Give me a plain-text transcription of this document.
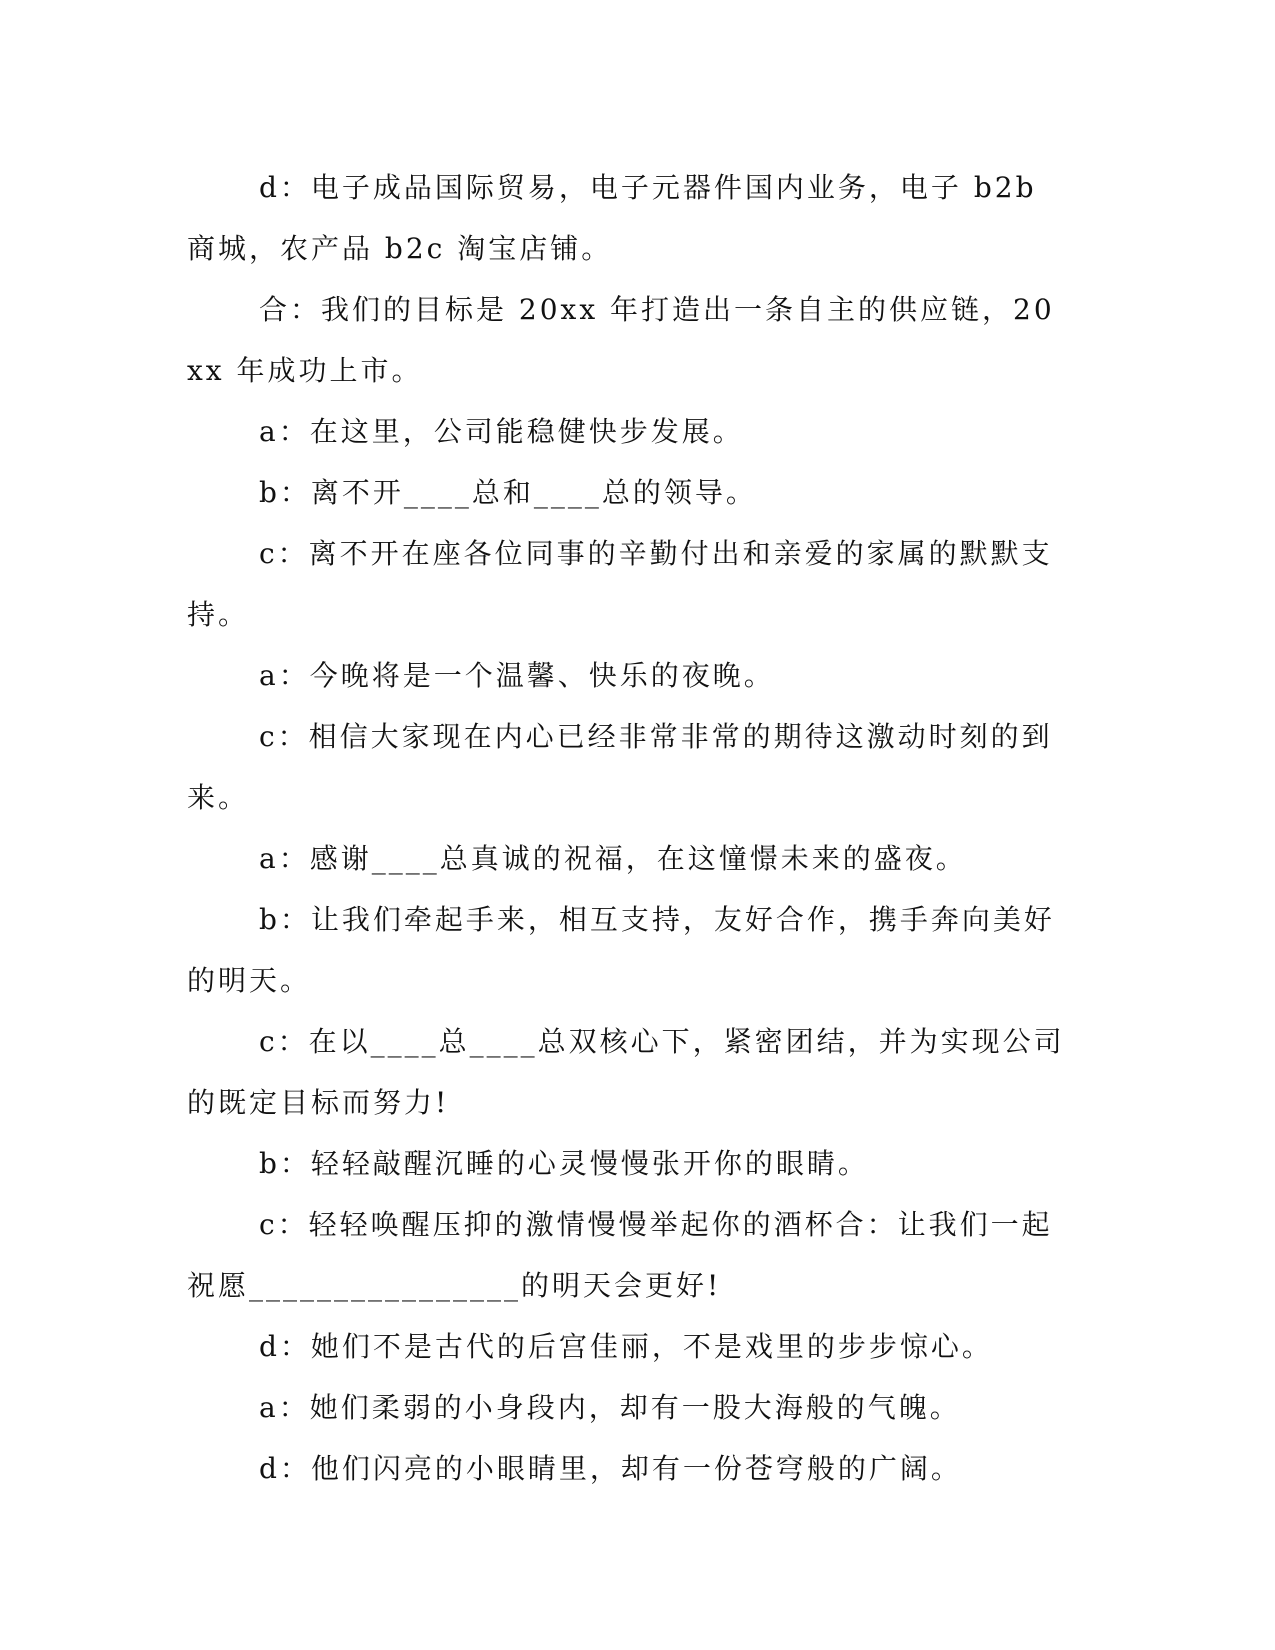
d：电子成品国际贸易，电子元器件国内业务，电子 b2b 商城，农产品 b2c 淘宝店铺。

合：我们的目标是 20xx 年打造出一条自主的供应链，20xx 年成功上市。

a：在这里，公司能稳健快步发展。

b：离不开____总和____总的领导。

c：离不开在座各位同事的辛勤付出和亲爱的家属的默默支持。

a：今晚将是一个温馨、快乐的夜晚。

c：相信大家现在内心已经非常非常的期待这激动时刻的到来。

a：感谢____总真诚的祝福，在这憧憬未来的盛夜。

b：让我们牵起手来，相互支持，友好合作，携手奔向美好的明天。

c：在以____总____总双核心下，紧密团结，并为实现公司的既定目标而努力!

b：轻轻敲醒沉睡的心灵慢慢张开你的眼睛。

c：轻轻唤醒压抑的激情慢慢举起你的酒杯合：让我们一起祝愿________________的明天会更好!

d：她们不是古代的后宫佳丽，不是戏里的步步惊心。

a：她们柔弱的小身段内，却有一股大海般的气魄。

d：他们闪亮的小眼睛里，却有一份苍穹般的广阔。
